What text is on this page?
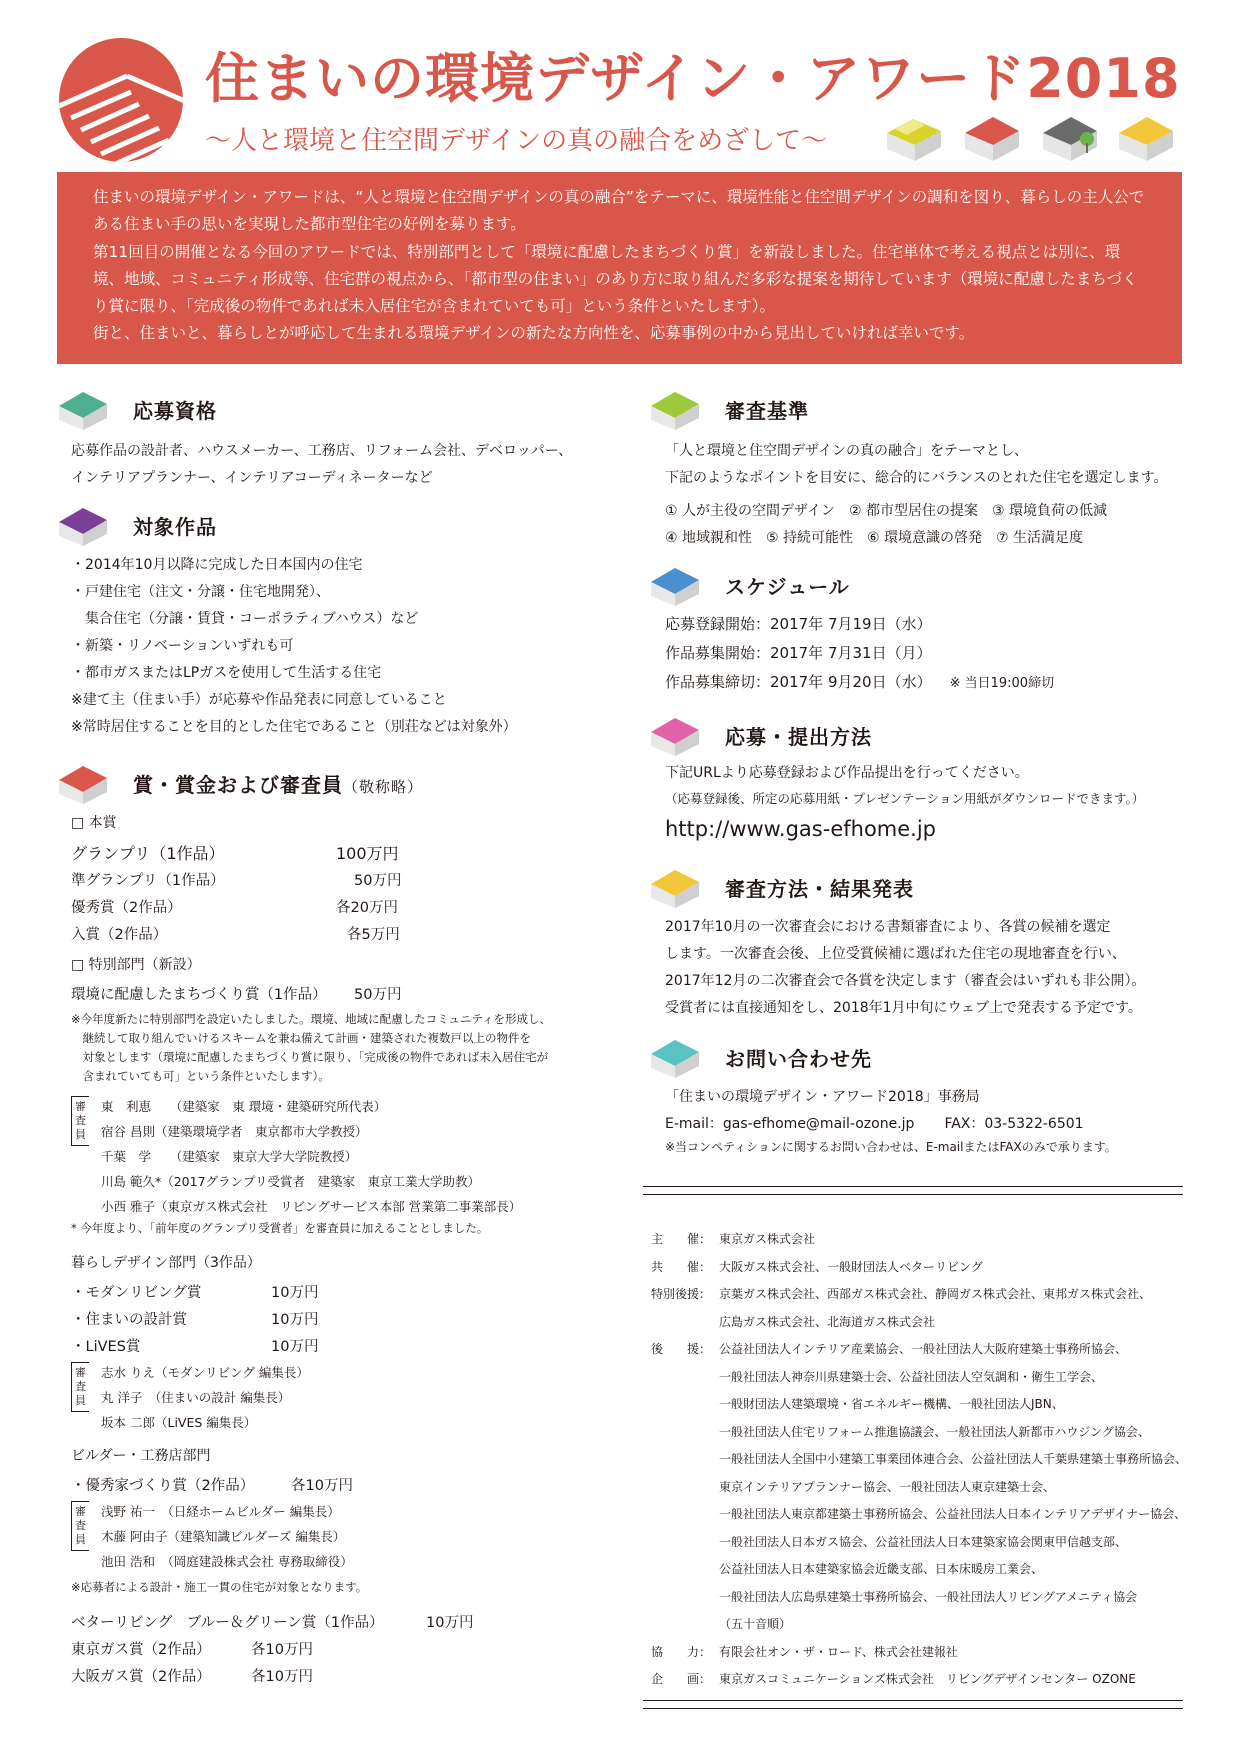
住まいの環境デザイン・アワード2018
〜人と環境と住空間デザインの真の融合をめざして〜

住まいの環境デザイン・アワードは、“人と環境と住空間デザインの真の融合”をテーマに、環境性能と住空間デザインの調和を図り、暮らしの主人公である住まい手の思いを実現した都市型住宅の好例を募ります。

第11回目の開催となる今回のアワードでは、特別部門として「環境に配慮したまちづくり賞」を新設しました。住宅単体で考える視点とは別に、環境、地域、コミュニティ形成等、住宅群の視点から、「都市型の住まい」のあり方に取り組んだ多彩な提案を期待しています（環境に配慮したまちづくり賞に限り、「完成後の物件であれば未入居住宅が含まれていても可」という条件といたします）。

街と、住まいと、暮らしとが呼応して生まれる環境デザインの新たな方向性を、応募事例の中から見出していければ幸いです。

応募資格
応募作品の設計者、ハウスメーカー、工務店、リフォーム会社、デベロッパー、
インテリアプランナー、インテリアコーディネーターなど
対象作品
・2014年10月以降に完成した日本国内の住宅
・戸建住宅（注文・分譲・住宅地開発）、
　集合住宅（分譲・賃貸・コーポラティブハウス）など
・新築・リノベーションいずれも可
・都市ガスまたはLPガスを使用して生活する住宅
※建て主（住まい手）が応募や作品発表に同意していること
※常時居住することを目的とした住宅であること（別荘などは対象外）
賞・賞金および審査員（敬称略）
□ 本賞
グランプリ（1作品）	100万円
準グランプリ（1作品）	50万円
優秀賞（2作品）	各20万円
入賞（2作品）	各5万円
□ 特別部門（新設）
環境に配慮したまちづくり賞（1作品） 50万円
※今年度新たに特別部門を設定いたしました。環境、地域に配慮したコミュニティを形成し、
　継続して取り組んでいけるスキームを兼ね備えて計画・建築された複数戸以上の物件を
　対象とします（環境に配慮したまちづくり賞に限り、「完成後の物件であれば未入居住宅が
　含まれていても可」という条件といたします）。
審査員
東　利恵　　（建築家　東 環境・建築研究所代表）
宿谷 昌則（建築環境学者　東京都市大学教授）
千葉　学　　（建築家　東京大学大学院教授）
川島 範久*（2017グランプリ受賞者　建築家　東京工業大学助教）
小西 雅子（東京ガス株式会社　リビングサービス本部 営業第二事業部長）
* 今年度より、「前年度のグランプリ受賞者」を審査員に加えることとしました。
暮らしデザイン部門（3作品）
・モダンリビング賞	10万円
・住まいの設計賞	10万円
・LiVES賞	10万円
審査員
志水 りえ（モダンリビング 編集長）
丸 洋子　（住まいの設計 編集長）
坂本 二郎（LiVES 編集長）
ビルダー・工務店部門
・優秀家づくり賞（2作品）	各10万円
審査員
浅野 祐一　（日経ホームビルダー 編集長）
木藤 阿由子（建築知識ビルダーズ 編集長）
池田 浩和　（岡庭建設株式会社 専務取締役）
※応募者による設計・施工一貫の住宅が対象となります。
ベターリビング　ブルー＆グリーン賞（1作品）	10万円
東京ガス賞（2作品）	各10万円
大阪ガス賞（2作品）	各10万円
審査基準
「人と環境と住空間デザインの真の融合」をテーマとし、
下記のようなポイントを目安に、総合的にバランスのとれた住宅を選定します。
① 人が主役の空間デザイン　② 都市型居住の提案　③ 環境負荷の低減
④ 地域親和性　⑤ 持続可能性　⑥ 環境意識の啓発　⑦ 生活満足度
スケジュール
応募登録開始：2017年 7月19日（水）
作品募集開始：2017年 7月31日（月）
作品募集締切：2017年 9月20日（水） ※ 当日19:00締切
応募・提出方法
下記URLより応募登録および作品提出を行ってください。
（応募登録後、所定の応募用紙・プレゼンテーション用紙がダウンロードできます。）
http://www.gas-efhome.jp
審査方法・結果発表
2017年10月の一次審査会における書類審査により、各賞の候補を選定
します。一次審査会後、上位受賞候補に選ばれた住宅の現地審査を行い、
2017年12月の二次審査会で各賞を決定します（審査会はいずれも非公開）。
受賞者には直接通知をし、2018年1月中旬にウェブ上で発表する予定です。
お問い合わせ先
「住まいの環境デザイン・アワード2018」事務局
E-mail：gas-efhome@mail-ozone.jp FAX：03-5322-6501
※当コンペティションに関するお問い合わせは、E-mailまたはFAXのみで承ります。
主　　催： 東京ガス株式会社
共　　催： 大阪ガス株式会社、一般財団法人ベターリビング
特別後援： 京葉ガス株式会社、西部ガス株式会社、静岡ガス株式会社、東邦ガス株式会社、
広島ガス株式会社、北海道ガス株式会社
後　　援： 公益社団法人インテリア産業協会、一般社団法人大阪府建築士事務所協会、
一般社団法人神奈川県建築士会、公益社団法人空気調和・衛生工学会、
一般財団法人建築環境・省エネルギー機構、一般社団法人JBN、
一般社団法人住宅リフォーム推進協議会、一般社団法人新都市ハウジング協会、
一般社団法人全国中小建築工事業団体連合会、公益社団法人千葉県建築士事務所協会、
東京インテリアプランナー協会、一般社団法人東京建築士会、
一般社団法人東京都建築士事務所協会、公益社団法人日本インテリアデザイナー協会、
一般社団法人日本ガス協会、公益社団法人日本建築家協会関東甲信越支部、
公益社団法人日本建築家協会近畿支部、日本床暖房工業会、
一般社団法人広島県建築士事務所協会、一般社団法人リビングアメニティ協会
（五十音順）
協　　力： 有限会社オン・ザ・ロード、株式会社建報社
企　　画： 東京ガスコミュニケーションズ株式会社　リビングデザインセンター OZONE
